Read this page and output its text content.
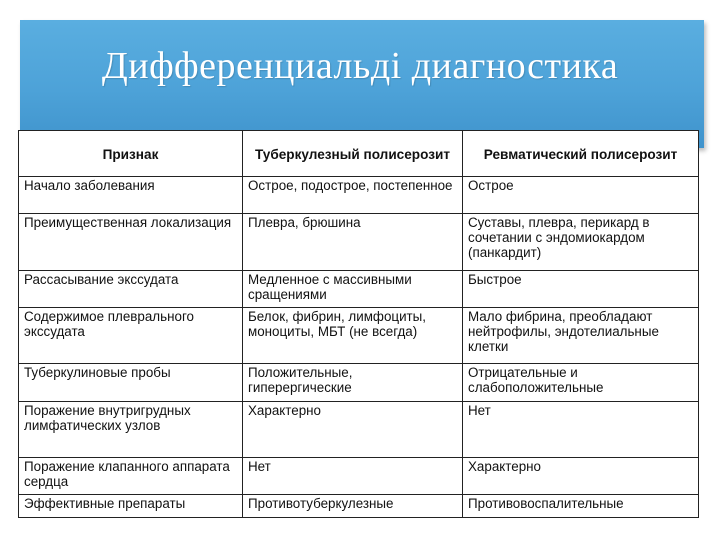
Дифференциальдi диагностика
Признак	Туберкулезный полисерозит	Ревматический полисерозит
Начало заболевания	Острое, подострое, постепенное	Острое
Преимущественная локализация	Плевра, брюшина	Суставы, плевра, перикард в сочетании с эндомиокардом (панкардит)
Рассасывание экссудата	Медленное с массивными сращениями	Быстрое
Содержимое плеврального экссудата	Белок, фибрин, лимфоциты, моноциты, МБТ (не всегда)	Мало фибрина, преобладают нейтрофилы, эндотелиальные клетки
Туберкулиновые пробы	Положительные, гиперергические	Отрицательные и слабоположительные
Поражение внутригрудных лимфатических узлов	Характерно	Нет
Поражение клапанного аппарата сердца	Нет	Характерно
Эффективные препараты	Противотуберкулезные	Противовоспалительные
